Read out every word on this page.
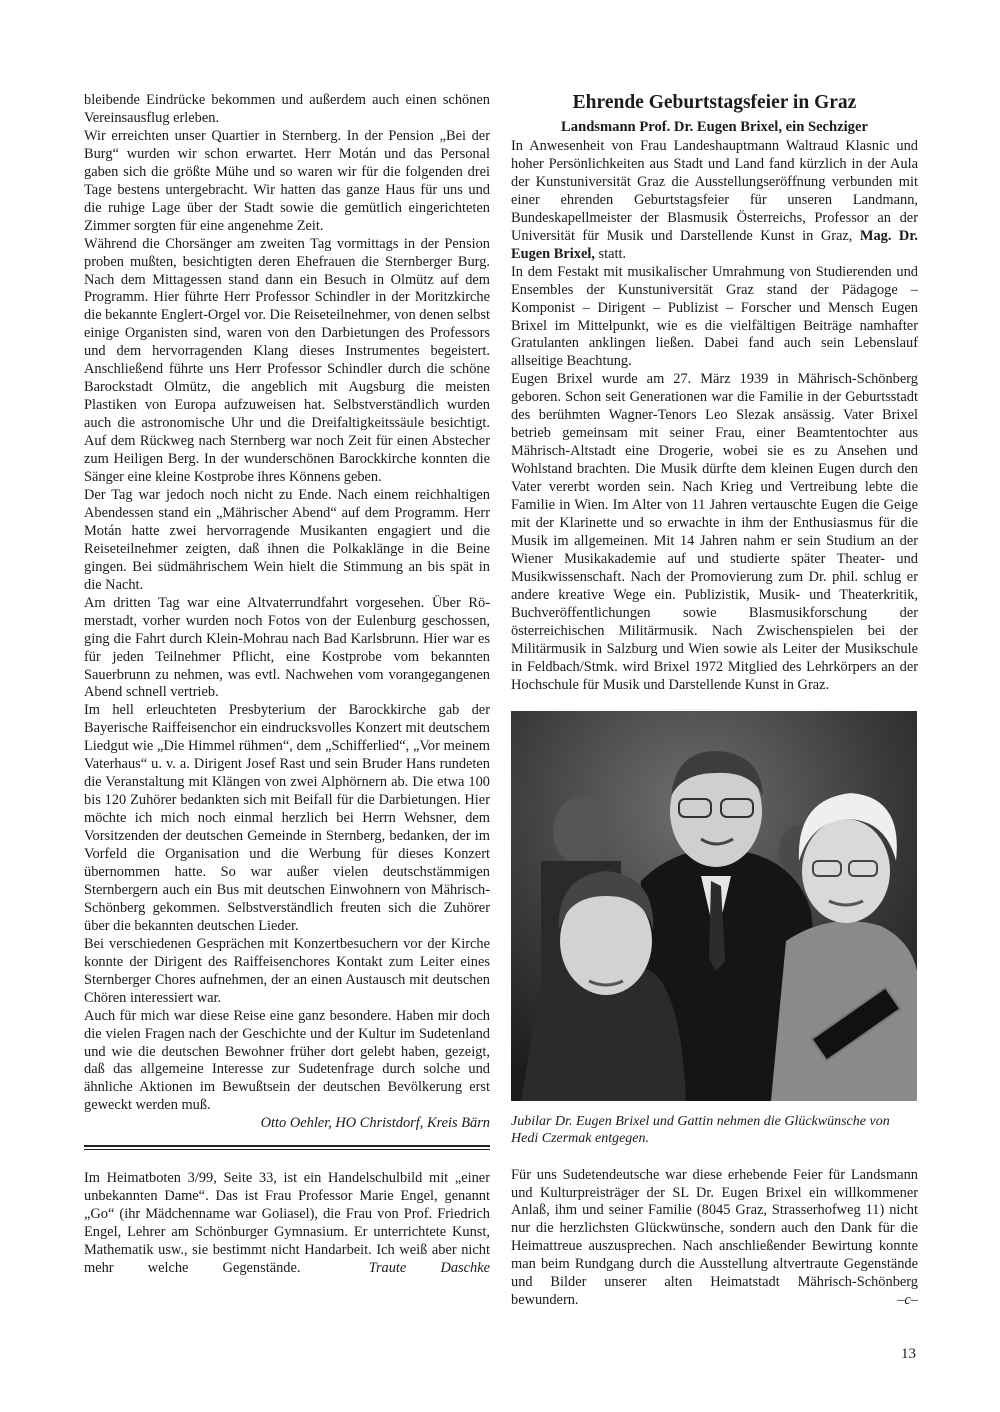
bleibende Eindrücke bekommen und außerdem auch einen schönen Vereinsausflug erleben.

Wir erreichten unser Quartier in Sternberg. In der Pension „Bei der Burg“ wurden wir schon erwartet. Herr Motán und das Personal gaben sich die größte Mühe und so waren wir für die folgenden drei Tage bestens untergebracht. Wir hatten das ganze Haus für uns und die ruhige Lage über der Stadt sowie die gemütlich eingerichteten Zimmer sorgten für eine angenehme Zeit.

Während die Chorsänger am zweiten Tag vormittags in der Pension proben mußten, besichtigten deren Ehefrauen die Sternberger Burg. Nach dem Mittagessen stand dann ein Besuch in Olmütz auf dem Programm. Hier führte Herr Professor Schindler in der Moritzkirche die bekannte Englert-Orgel vor. Die Reiseteilnehmer, von denen selbst einige Organisten sind, waren von den Darbietungen des Professors und dem hervorragenden Klang dieses Instrumentes begeistert. Anschließend führte uns Herr Professor Schindler durch die schöne Barockstadt Olmütz, die angeblich mit Augsburg die meisten Plastiken von Europa aufzuweisen hat. Selbstverständlich wurden auch die astronomische Uhr und die Dreifaltigkeitssäule besichtigt. Auf dem Rückweg nach Sternberg war noch Zeit für einen Abstecher zum Heiligen Berg. In der wunderschönen Barockkirche konnten die Sänger eine kleine Kostprobe ihres Könnens geben.

Der Tag war jedoch noch nicht zu Ende. Nach einem reichhaltigen Abendessen stand ein „Mährischer Abend“ auf dem Programm. Herr Motán hatte zwei hervorragende Musikanten engagiert und die Reiseteilnehmer zeigten, daß ihnen die Polkaklänge in die Beine gingen. Bei südmährischem Wein hielt die Stimmung an bis spät in die Nacht.

Am dritten Tag war eine Altvaterrundfahrt vorgesehen. Über Römerstadt, vorher wurden noch Fotos von der Eulenburg geschossen, ging die Fahrt durch Klein-Mohrau nach Bad Karlsbrunn. Hier war es für jeden Teilnehmer Pflicht, eine Kostprobe vom bekannten Sauerbrunn zu nehmen, was evtl. Nachwehen vom vorangegangenen Abend schnell vertrieb.

Im hell erleuchteten Presbyterium der Barockkirche gab der Bayerische Raiffeisenchor ein eindrucksvolles Konzert mit deutschem Liedgut wie „Die Himmel rühmen“, dem „Schifferlied“, „Vor meinem Vaterhaus“ u. v. a. Dirigent Josef Rast und sein Bruder Hans rundeten die Veranstaltung mit Klängen von zwei Alphörnern ab. Die etwa 100 bis 120 Zuhörer bedankten sich mit Beifall für die Darbietungen. Hier möchte ich mich noch einmal herzlich bei Herrn Wehsner, dem Vorsitzenden der deutschen Gemeinde in Sternberg, bedanken, der im Vorfeld die Organisation und die Werbung für dieses Konzert übernommen hatte. So war außer vielen deutschstämmigen Sternbergern auch ein Bus mit deutschen Einwohnern von Mährisch-Schönberg gekommen. Selbstverständlich freuten sich die Zuhörer über die bekannten deutschen Lieder.

Bei verschiedenen Gesprächen mit Konzertbesuchern vor der Kirche konnte der Dirigent des Raiffeisenchores Kontakt zum Leiter eines Sternberger Chores aufnehmen, der an einen Austausch mit deutschen Chören interessiert war.

Auch für mich war diese Reise eine ganz besondere. Haben mir doch die vielen Fragen nach der Geschichte und der Kultur im Sudetenland und wie die deutschen Bewohner früher dort gelebt haben, gezeigt, daß das allgemeine Interesse zur Sudetenfrage durch solche und ähnliche Aktionen im Bewußtsein der deutschen Bevölkerung erst geweckt werden muß.

Otto Oehler, HO Christdorf, Kreis Bärn

Im Heimatboten 3/99, Seite 33, ist ein Handelschulbild mit „einer unbekannten Dame“. Das ist Frau Professor Marie Engel, genannt „Go“ (ihr Mädchenname war Goliasel), die Frau von Prof. Friedrich Engel, Lehrer am Schönburger Gymnasium. Er unterrichtete Kunst, Mathematik usw., sie bestimmt nicht Handarbeit. Ich weiß aber nicht mehr welche Gegenstände.	Traute Daschke

Ehrende Geburtstagsfeier in Graz
Landsmann Prof. Dr. Eugen Brixel, ein Sechziger

In Anwesenheit von Frau Landeshauptmann Waltraud Klasnic und hoher Persönlichkeiten aus Stadt und Land fand kürzlich in der Aula der Kunstuniversität Graz die Ausstellungseröffnung verbunden mit einer ehrenden Geburtstagsfeier für unseren Landmann, Bundeskapellmeister der Blasmusik Österreichs, Professor an der Universität für Musik und Darstellende Kunst in Graz, Mag. Dr. Eugen Brixel, statt.

In dem Festakt mit musikalischer Umrahmung von Studierenden und Ensembles der Kunstuniversität Graz stand der Pädagoge – Komponist – Dirigent – Publizist – Forscher und Mensch Eugen Brixel im Mittelpunkt, wie es die vielfältigen Beiträge namhafter Gratulanten anklingen ließen. Dabei fand auch sein Lebenslauf allseitige Beachtung.

Eugen Brixel wurde am 27. März 1939 in Mährisch-Schönberg geboren. Schon seit Generationen war die Familie in der Geburtsstadt des berühmten Wagner-Tenors Leo Slezak ansässig. Vater Brixel betrieb gemeinsam mit seiner Frau, einer Beamtentochter aus Mährisch-Altstadt eine Drogerie, wobei sie es zu Ansehen und Wohlstand brachten. Die Musik dürfte dem kleinen Eugen durch den Vater vererbt worden sein. Nach Krieg und Vertreibung lebte die Familie in Wien. Im Alter von 11 Jahren vertauschte Eugen die Geige mit der Klarinette und so erwachte in ihm der Enthusiasmus für die Musik im allgemeinen. Mit 14 Jahren nahm er sein Studium an der Wiener Musikakademie auf und studierte später Theater- und Musikwissenschaft. Nach der Promovierung zum Dr. phil. schlug er andere kreative Wege ein. Publizistik, Musik- und Theaterkritik, Buchveröffentlichungen sowie Blasmusikforschung der österreichischen Militärmusik. Nach Zwischenspielen bei der Militärmusik in Salzburg und Wien sowie als Leiter der Musikschule in Feldbach/Stmk. wird Brixel 1972 Mitglied des Lehrkörpers an der Hochschule für Musik und Darstellende Kunst in Graz.

Jubilar Dr. Eugen Brixel und Gattin nehmen die Glückwünsche von Hedi Czermak entgegen.

Für uns Sudetendeutsche war diese erhebende Feier für Landsmann und Kulturpreisträger der SL Dr. Eugen Brixel ein willkommener Anlaß, ihm und seiner Familie (8045 Graz, Strasserhofweg 11) nicht nur die herzlichsten Glückwünsche, sondern auch den Dank für die Heimattreue auszusprechen. Nach anschließender Bewirtung konnte man beim Rundgang durch die Ausstellung altvertraute Gegenstände und Bilder unserer alten Heimatstadt Mährisch-Schönberg bewundern.	–c–

13
